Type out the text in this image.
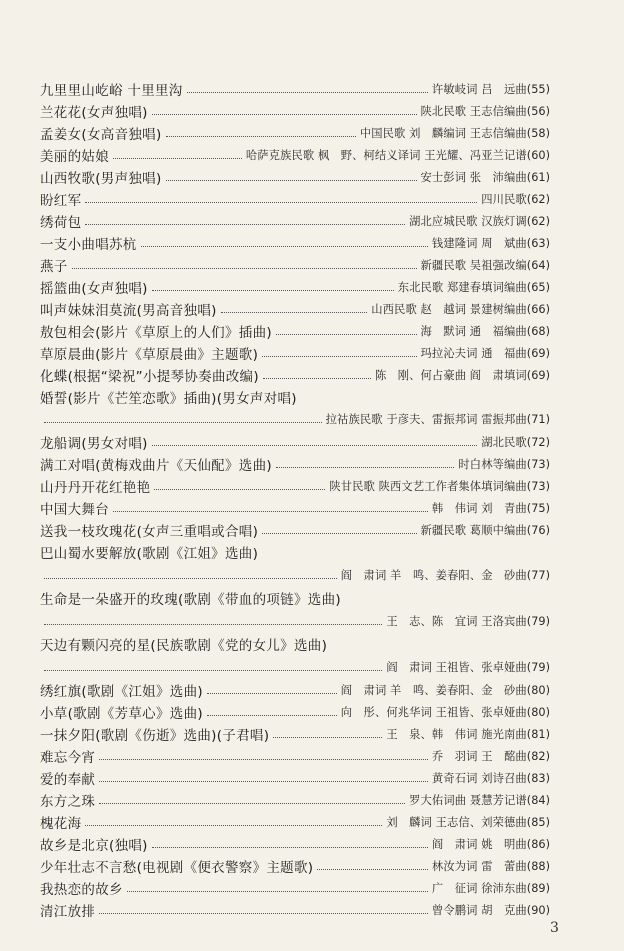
九里里山屹峪 十里里沟	许敏岐词 吕　远曲 (55)
兰花花(女声独唱)	陕北民歌 王志信编曲 (56)
孟姜女(女高音独唱)	中国民歌 刘　麟编词 王志信编曲 (58)
美丽的姑娘	哈萨克族民歌 枫　野、柯结义译词 王光耀、冯亚兰记谱 (60)
山西牧歌(男声独唱)	安士彭词 张　沛编曲 (61)
盼红军	四川民歌 (62)
绣荷包	湖北应城民歌 汉族灯调 (62)
一支小曲唱苏杭	钱建隆词 周　斌曲 (63)
燕子	新疆民歌 吴祖强改编 (64)
摇篮曲(女声独唱)	东北民歌 郑建春填词编曲 (65)
叫声妹妹泪莫流(男高音独唱)	山西民歌 赵　越词 景建树编曲 (66)
敖包相会(影片《草原上的人们》插曲)	海　默词 通　福编曲 (68)
草原晨曲(影片《草原晨曲》主题歌)	玛拉沁夫词 通　福曲 (69)
化蝶(根据“梁祝”小提琴协奏曲改编)	陈　刚、何占豪曲 阎　肃填词 (69)
婚誓(影片《芒笙恋歌》插曲)(男女声对唱)
拉祜族民歌 于彦夫、雷振邦词 雷振邦曲 (71)
龙船调(男女对唱)	湖北民歌 (72)
满工对唱(黄梅戏曲片《天仙配》选曲)	时白林等编曲 (73)
山丹丹开花红艳艳	陕甘民歌 陕西文艺工作者集体填词编曲 (73)
中国大舞台	韩　伟词 刘　青曲 (75)
送我一枝玫瑰花(女声三重唱或合唱)	新疆民歌 葛顺中编曲 (76)
巴山蜀水要解放(歌剧《江姐》选曲)
阎　肃词 羊　鸣、姜春阳、金　砂曲 (77)
生命是一朵盛开的玫瑰(歌剧《带血的项链》选曲)
王　志、陈　宜词 王洛宾曲 (79)
天边有颗闪亮的星(民族歌剧《党的女儿》选曲)
阎　肃词 王祖皆、张卓娅曲 (79)
绣红旗(歌剧《江姐》选曲)	阎　肃词 羊　鸣、姜春阳、金　砂曲 (80)
小草(歌剧《芳草心》选曲)	向　彤、何兆华词 王祖皆、张卓娅曲 (80)
一抹夕阳(歌剧《伤逝》选曲)(子君唱)	王　泉、韩　伟词 施光南曲 (81)
难忘今宵	乔　羽词 王　酩曲 (82)
爱的奉献	黄奇石词 刘诗召曲 (83)
东方之珠	罗大佑词曲 聂慧芳记谱 (84)
槐花海	刘　麟词 王志信、刘荣德曲 (85)
故乡是北京(独唱)	阎　肃词 姚　明曲 (86)
少年壮志不言愁(电视剧《便衣警察》主题歌)	林汝为词 雷　蕾曲 (88)
我热恋的故乡	广　征词 徐沛东曲 (89)
清江放排	曾令鹏词 胡　克曲 (90)
3
